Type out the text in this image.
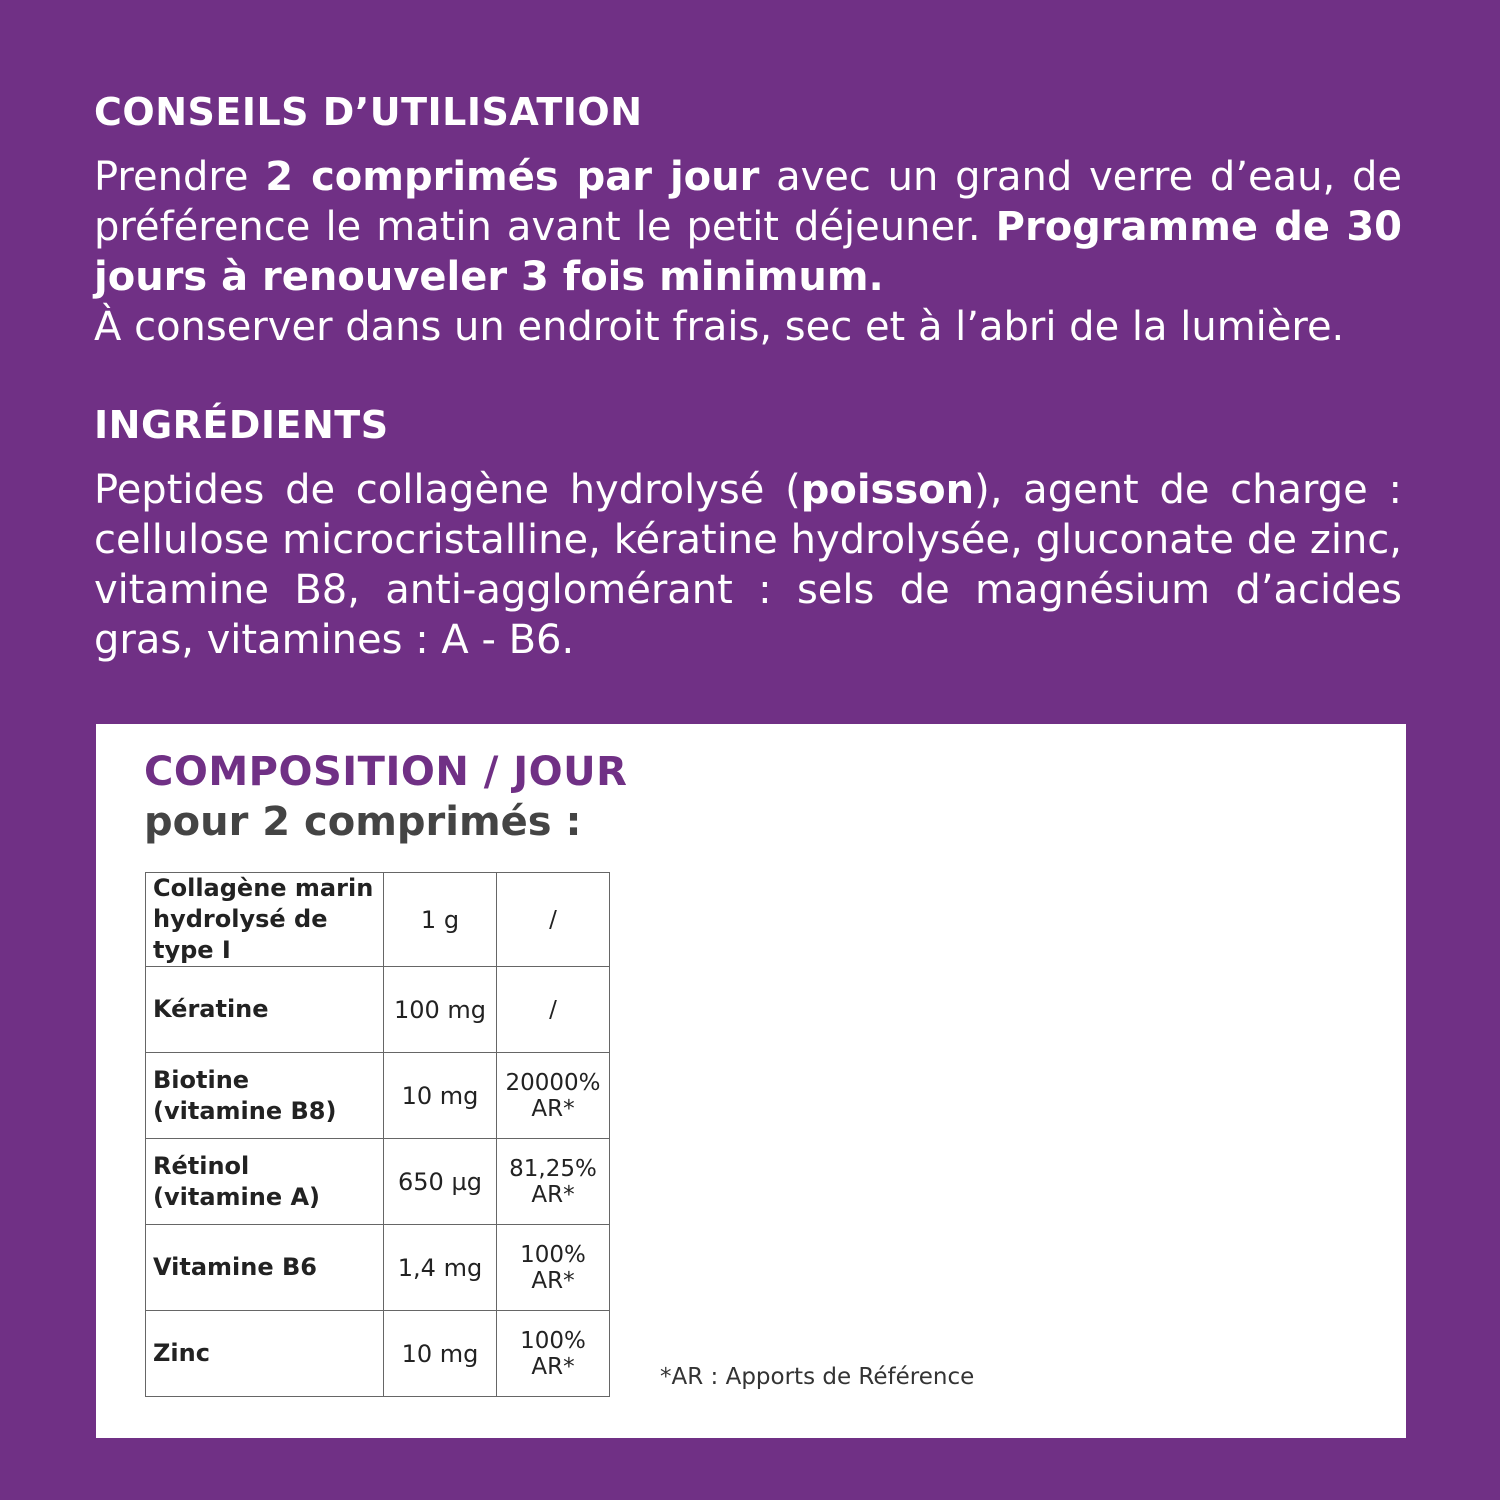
CONSEILS D’UTILISATION

Prendre 2 comprimés par jour avec un grand verre d’eau, de préférence le matin avant le petit déjeuner. Programme de 30 jours à renouveler 3 fois minimum.

À conserver dans un endroit frais, sec et à l’abri de la lumière.

INGRÉDIENTS

Peptides de collagène hydrolysé (poisson), agent de charge : cellulose microcristalline, kératine hydrolysée, gluconate de zinc, vitamine B8, anti-agglomérant : sels de magnésium d’acides gras, vitamines : A - B6.

COMPOSITION / JOUR
pour 2 comprimés :
Collagène marin
hydrolysé de type I	1 g	/

Kératine	100 mg	/

Biotine
(vitamine B8)	10 mg	20000%
AR*

Rétinol
(vitamine A)	650 µg	81,25%
AR*

Vitamine B6	1,4 mg	100%
AR*

Zinc	10 mg	100%
AR*	*AR : Apports de Référence
